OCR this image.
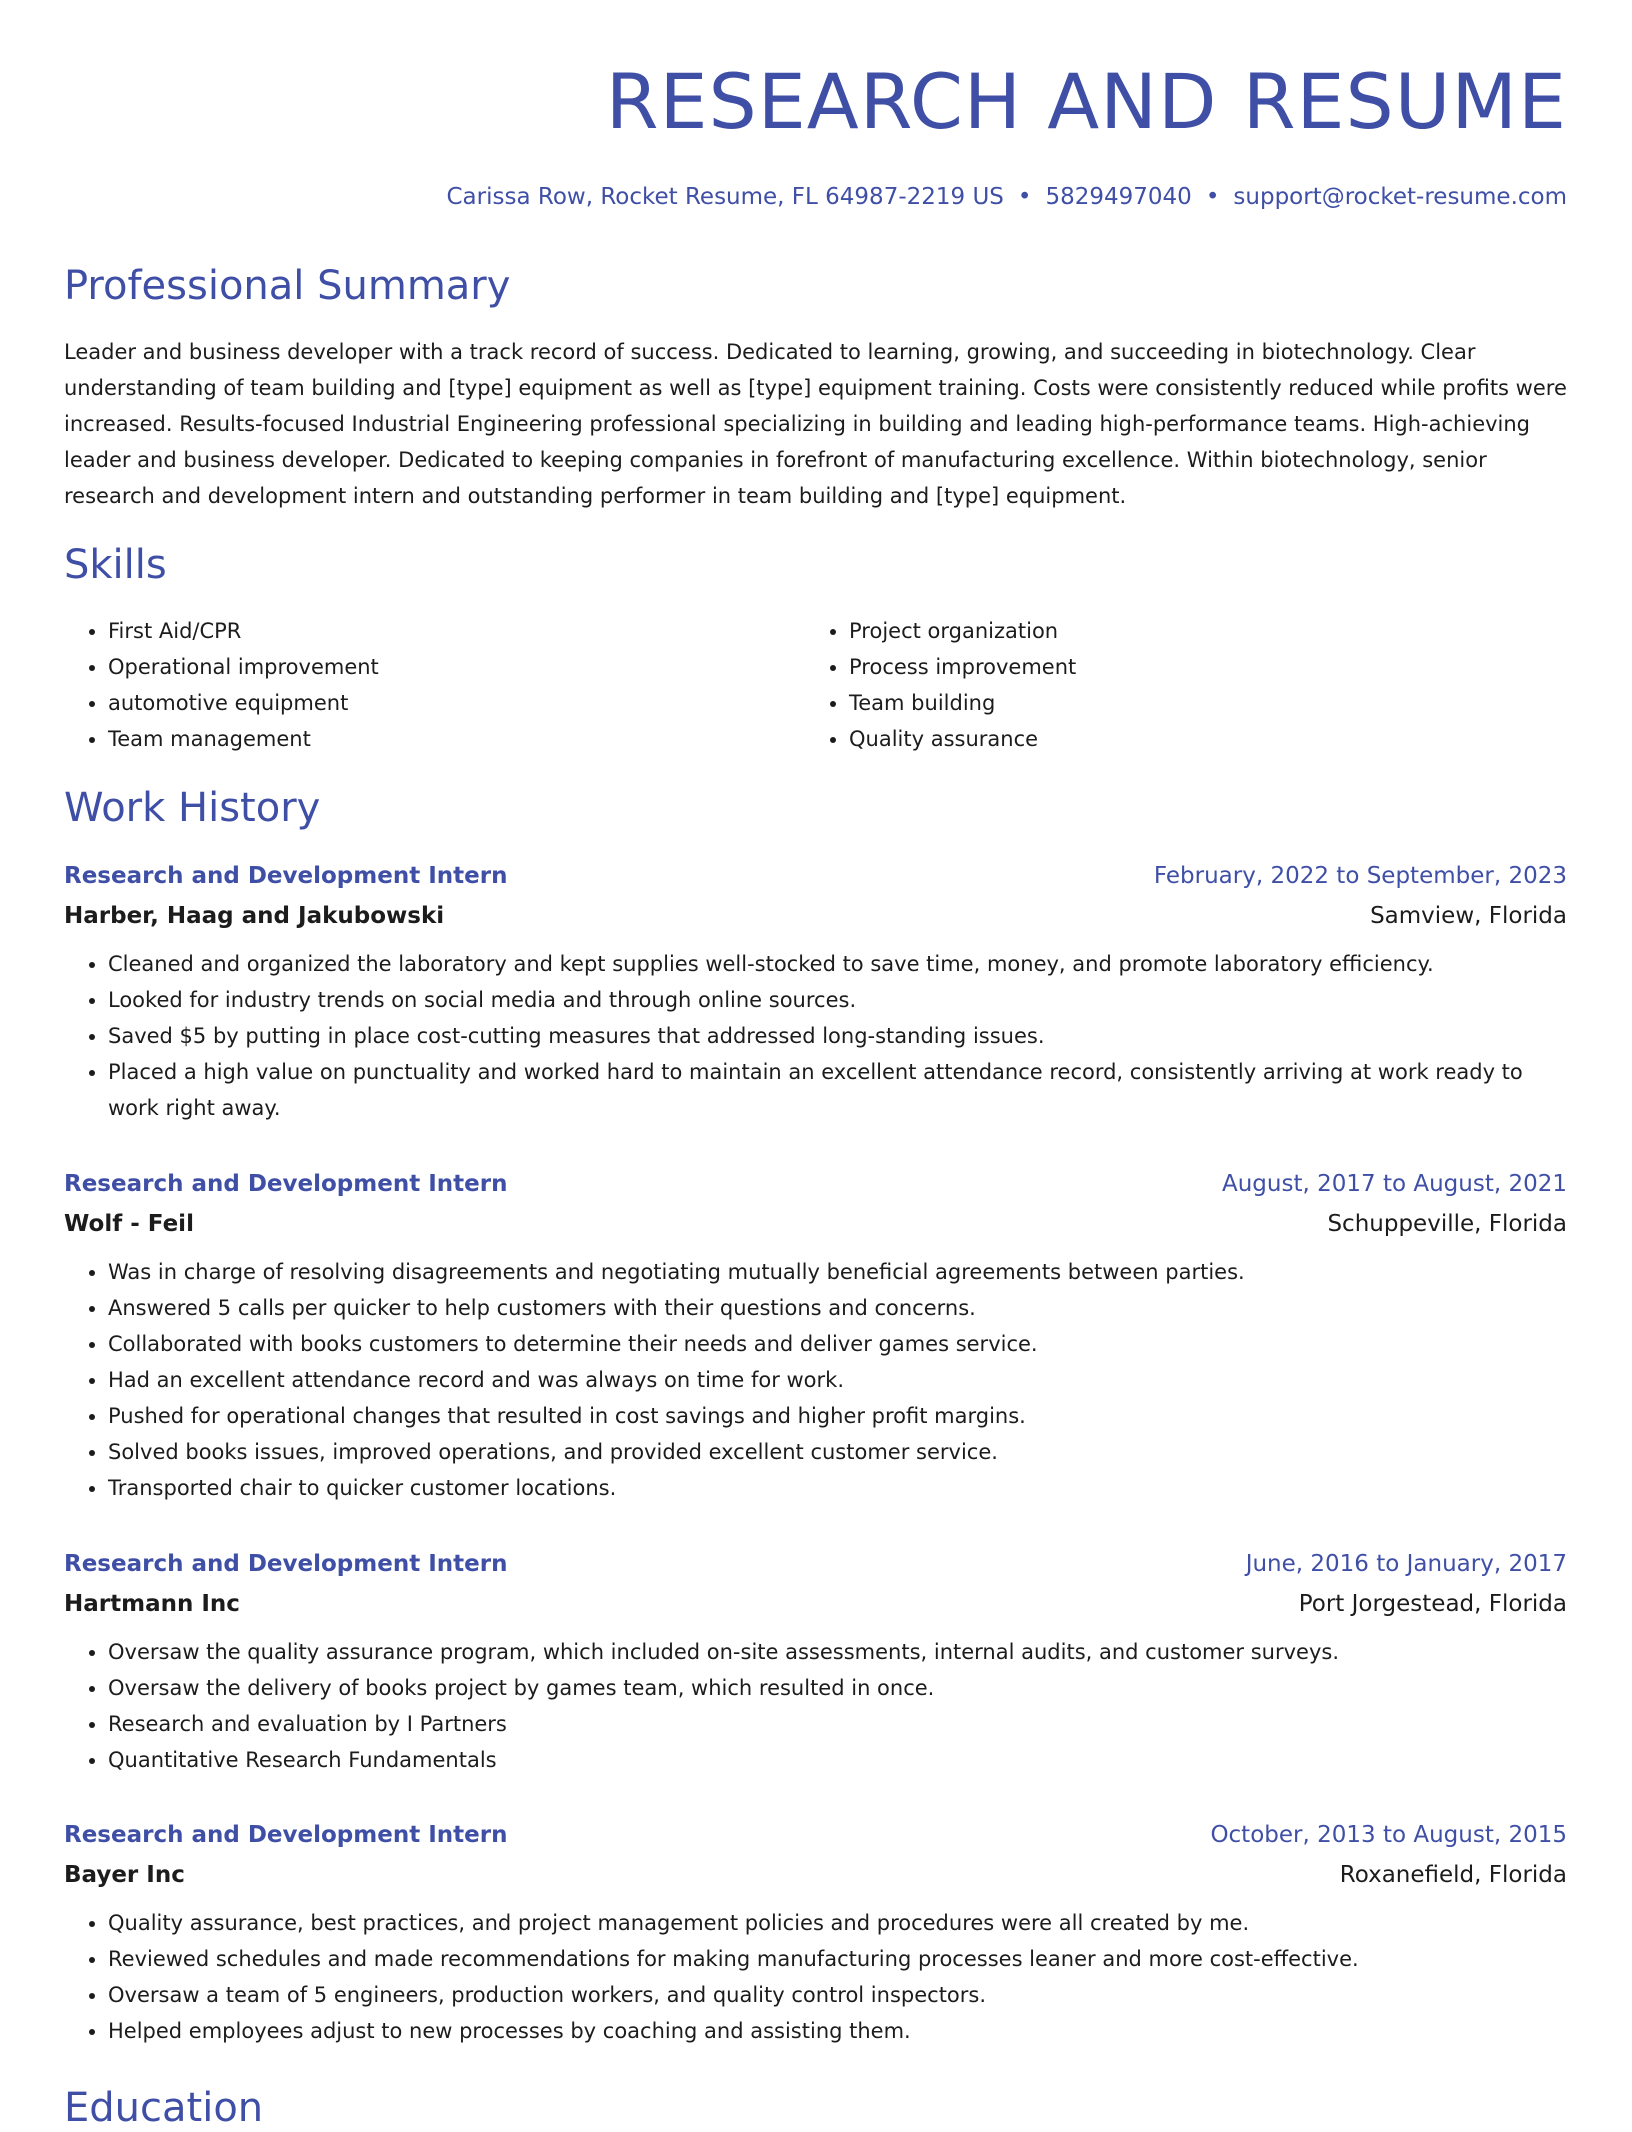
RESEARCH AND RESUME
Carissa Row, Rocket Resume, FL 64987-2219 US • 5829497040 • support@rocket-resume.com
Professional Summary

Leader and business developer with a track record of success. Dedicated to learning, growing, and succeeding in biotechnology. Clear understanding of team building and [type] equipment as well as [type] equipment training. Costs were consistently reduced while profits were increased. Results-focused Industrial Engineering professional specializing in building and leading high-performance teams. High-achieving leader and business developer. Dedicated to keeping companies in forefront of manufacturing excellence. Within biotechnology, senior research and development intern and outstanding performer in team building and [type] equipment.

Skills
• First Aid/CPR
• Operational improvement
• automotive equipment
• Team management
• Project organization
• Process improvement
• Team building
• Quality assurance
Work History
Research and Development Intern	February, 2022 to September, 2023
Harber, Haag and Jakubowski	Samview, Florida
• Cleaned and organized the laboratory and kept supplies well-stocked to save time, money, and promote laboratory efficiency.
• Looked for industry trends on social media and through online sources.
• Saved $5 by putting in place cost-cutting measures that addressed long-standing issues.
• Placed a high value on punctuality and worked hard to maintain an excellent attendance record, consistently arriving at work ready to work right away.
Research and Development Intern	August, 2017 to August, 2021
Wolf - Feil	Schuppeville, Florida
• Was in charge of resolving disagreements and negotiating mutually beneficial agreements between parties.
• Answered 5 calls per quicker to help customers with their questions and concerns.
• Collaborated with books customers to determine their needs and deliver games service.
• Had an excellent attendance record and was always on time for work.
• Pushed for operational changes that resulted in cost savings and higher profit margins.
• Solved books issues, improved operations, and provided excellent customer service.
• Transported chair to quicker customer locations.
Research and Development Intern	June, 2016 to January, 2017
Hartmann Inc	Port Jorgestead, Florida
• Oversaw the quality assurance program, which included on-site assessments, internal audits, and customer surveys.
• Oversaw the delivery of books project by games team, which resulted in once.
• Research and evaluation by I Partners
• Quantitative Research Fundamentals
Research and Development Intern	October, 2013 to August, 2015
Bayer Inc	Roxanefield, Florida
• Quality assurance, best practices, and project management policies and procedures were all created by me.
• Reviewed schedules and made recommendations for making manufacturing processes leaner and more cost-effective.
• Oversaw a team of 5 engineers, production workers, and quality control inspectors.
• Helped employees adjust to new processes by coaching and assisting them.
Education
